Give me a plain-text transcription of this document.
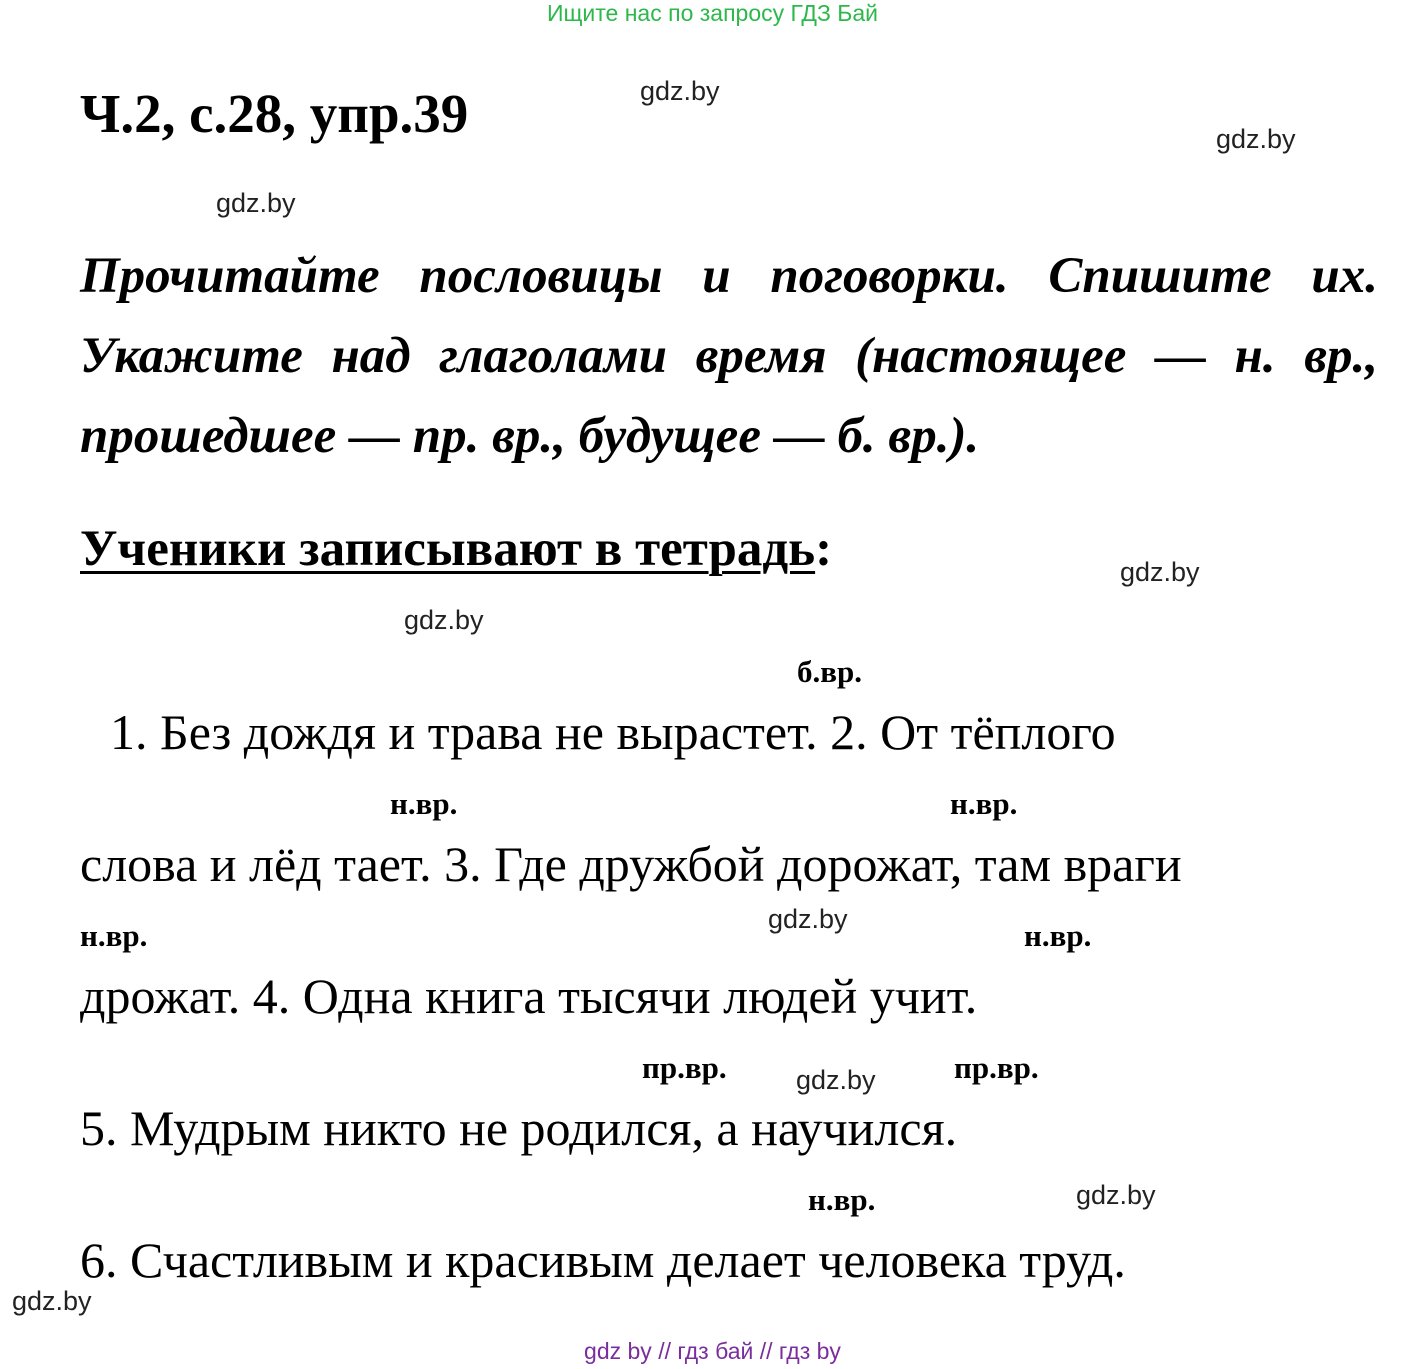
Ищите нас по запросу ГДЗ Бай
Ч.2, с.28, упр.39
Прочитайте пословицы и поговорки. Спишите их. Укажите над глаголами время (настоящее — н. вр., прошедшее — пр. вр., будущее — б. вр.).
Ученики записывают в тетрадь:
б.вр.
н.вр.	н.вр.
н.вр.	н.вр.
пр.вр.	пр.вр.
н.вр.
1. Без дождя и трава не вырастет. 2. От тёплого
слова и лёд тает. 3. Где дружбой дорожат, там враги
дрожат. 4. Одна книга тысячи людей учит.
5. Мудрым никто не родился, а научился.
6. Счастливым и красивым делает человека труд.
gdz.by
gdz.by
gdz.by
gdz.by
gdz.by
gdz.by
gdz.by
gdz.by
gdz.by
gdz by // гдз бай // гдз by
